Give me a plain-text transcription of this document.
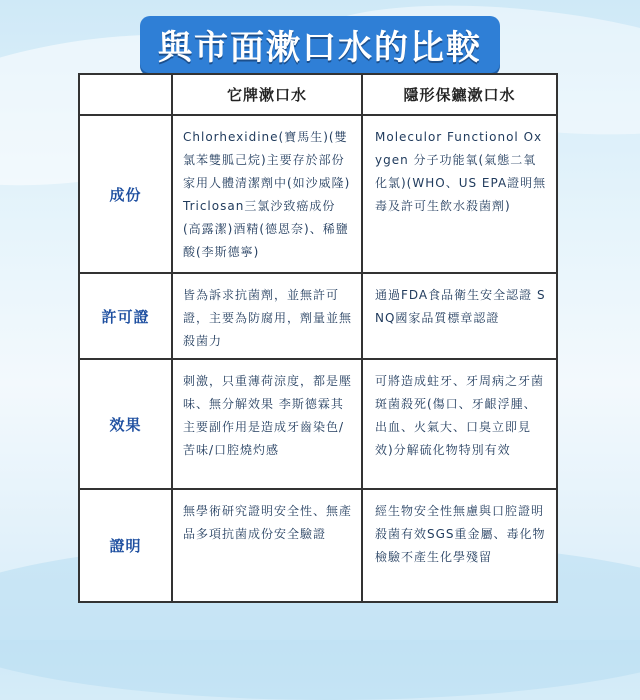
與市面漱口水的比較
它牌漱口水	隱形保鑣漱口水
成份

Chlorhexidine(寶馬生)(雙氯苯雙胍己烷)主要存於部份家用人體清潔劑中(如沙威隆)Triclosan三氯沙致癌成份(高露潔)酒精(德恩奈)、稀鹽酸(李斯德寧)

Moleculor Functionol Oxygen 分子功能氧(氣態二氧化氯)(WHO、US EPA證明無毒及許可生飲水殺菌劑)

許可證

皆為訴求抗菌劑，並無許可證，主要為防腐用，劑量並無殺菌力

通過FDA食品衛生安全認證 SNQ國家品質標章認證

效果

刺激，只重薄荷涼度，都是壓味、無分解效果 李斯德霖其主要副作用是造成牙齒染色/苦味/口腔燒灼感

可將造成蛀牙、牙周病之牙菌斑菌殺死(傷口、牙齦浮腫、出血、火氣大、口臭立即見效)分解硫化物特別有效

證明

無學術研究證明安全性、無產品多項抗菌成份安全驗證

經生物安全性無慮與口腔證明殺菌有效SGS重金屬、毒化物檢驗不產生化學殘留
